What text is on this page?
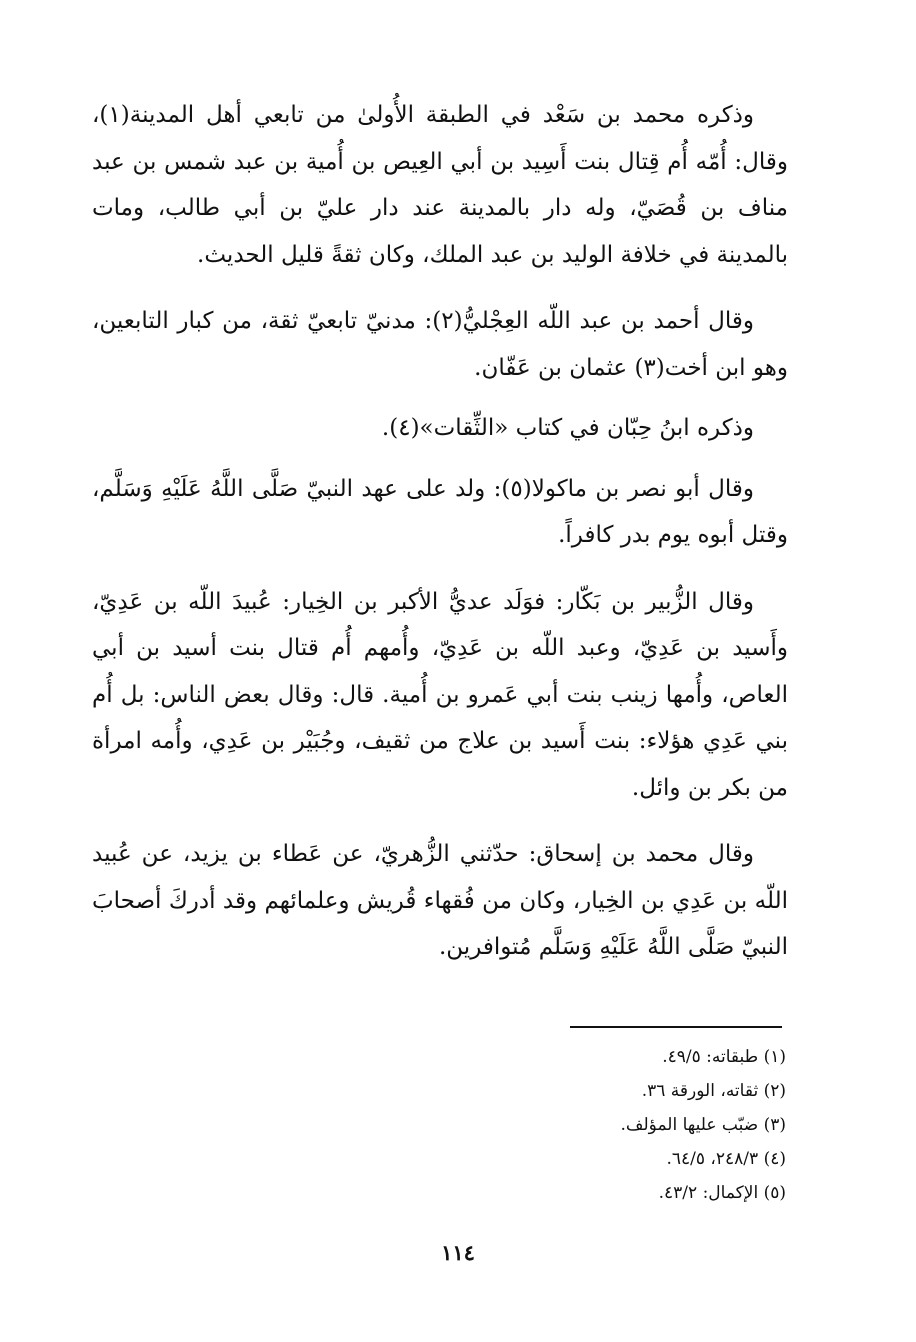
وذكره محمد بن سَعْد في الطبقة الأُولىٰ من تابعي أهل المدينة(١)، وقال: أُمّه أُم قِتال بنت أَسِيد بن أبي العِيص بن أُمية بن عبد شمس بن عبد مناف بن قُصَيّ، وله دار بالمدينة عند دار عليّ بن أبي طالب، ومات بالمدينة في خلافة الوليد بن عبد الملك، وكان ثقةً قليل الحديث.

وقال أحمد بن عبد اللّه العِجْليُّ(٢): مدنيّ تابعيّ ثقة، من كبار التابعين، وهو ابن أخت(٣) عثمان بن عَفّان.

وذكره ابنُ حِبّان في كتاب «الثِّقات»(٤).

وقال أبو نصر بن ماكولا(٥): ولد على عهد النبيّ صَلَّى اللَّهُ عَلَيْهِ وَسَلَّم، وقتل أبوه يوم بدر كافراً.

وقال الزُّبير بن بَكّار: فوَلَد عديُّ الأكبر بن الخِيار: عُبيدَ اللّه بن عَدِيّ، وأَسيد بن عَدِيّ، وعبد اللّه بن عَدِيّ، وأُمهم أُم قتال بنت أسيد بن أبي العاص، وأُمها زينب بنت أبي عَمرو بن أُمية. قال: وقال بعض الناس: بل أُم بني عَدِي هؤلاء: بنت أَسيد بن علاج من ثقيف، وجُبَيْر بن عَدِي، وأُمه امرأة من بكر بن وائل.

وقال محمد بن إسحاق: حدّثني الزُّهريّ، عن عَطاء بن يزيد، عن عُبيد اللّه بن عَدِي بن الخِيار، وكان من فُقهاء قُريش وعلمائهم وقد أدركَ أصحابَ النبيّ صَلَّى اللَّهُ عَلَيْهِ وَسَلَّم مُتوافرين.

(١) طبقاته: ٤٩/٥.
(٢) ثقاته، الورقة ٣٦.
(٣) ضبّب عليها المؤلف.
(٤) ٢٤٨/٣، ٦٤/٥.
(٥) الإكمال: ٤٣/٢.
١١٤
